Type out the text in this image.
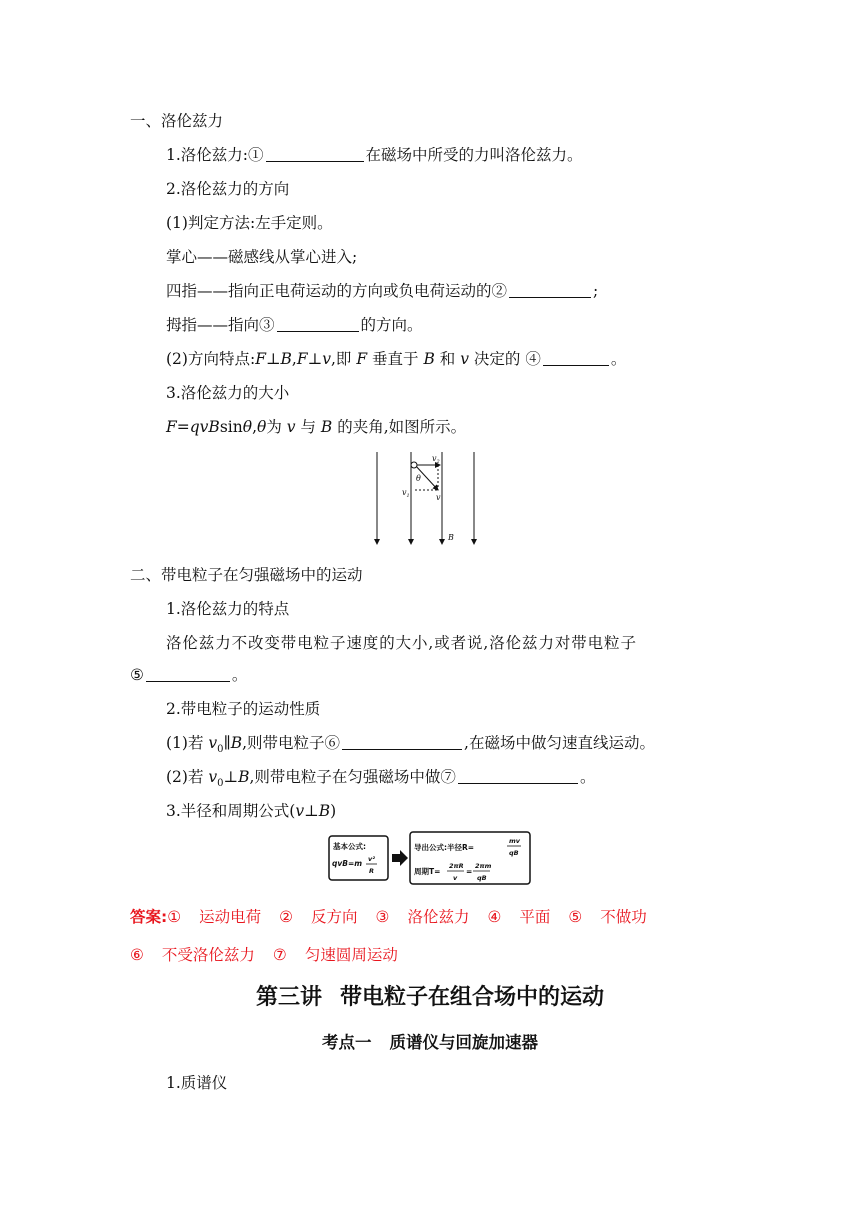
一、洛伦兹力
1.洛伦兹力:①	在磁场中所受的力叫洛伦兹力。
2.洛伦兹力的方向
(1)判定方法:左手定则。
掌心——磁感线从掌心进入;
四指——指向正电荷运动的方向或负电荷运动的②	;
拇指——指向③	的方向。
(2)方向特点:F⊥B,F⊥v,即 F 垂直于 B 和 v 决定的 ④	。
3.洛伦兹力的大小
F=qvBsinθ,θ为 v 与 B 的夹角,如图所示。
$v_2$
θ
$v_1$	v
B
二、带电粒子在匀强磁场中的运动
1.洛伦兹力的特点
洛伦兹力不改变带电粒子速度的大小,或者说,洛伦兹力对带电粒子
⑤	。
2.带电粒子的运动性质
(1)若 $v_0\parallel B$,则带电粒子⑥	,在磁场中做匀速直线运动。
(2)若 $v_0\perp B$,则带电粒子在匀强磁场中做⑦	。
3.半径和周期公式(v⊥B)
基本公式:
qvB=m v²
R
导出公式:半径R=
mv
qB
周期T=
2πR
v
=
2πm
qB
答案:① 运动电荷 ② 反方向 ③ 洛伦兹力 ④ 平面 ⑤ 不做功
⑥ 不受洛伦兹力 ⑦ 匀速圆周运动
第三讲 带电粒子在组合场中的运动
考点一 质谱仪与回旋加速器
1.质谱仪
